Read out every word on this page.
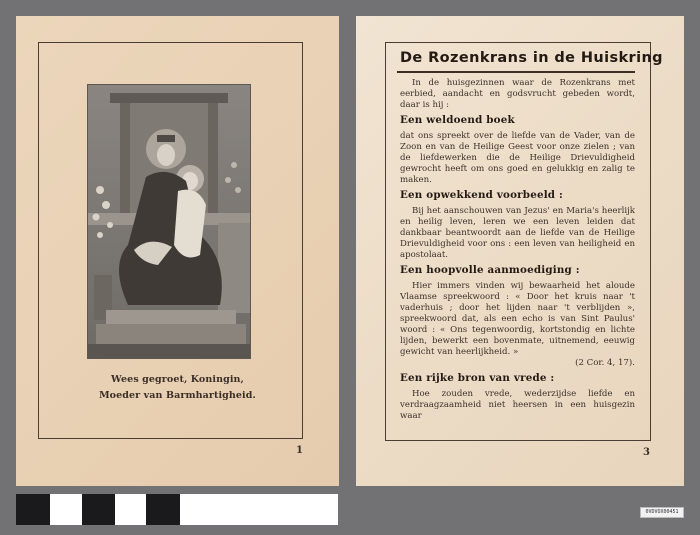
Wees gegroet, Koningin,
Moeder van Barmhartigheid.
1
De Rozenkrans in de Huiskring

In de huisgezinnen waar de Rozenkrans met eerbied, aandacht en godsvrucht gebeden wordt, daar is hij :

Een weldoend boek

dat ons spreekt over de liefde van de Vader, van de Zoon en van de Heilige Geest voor onze zielen ; van de liefdewerken die de Heilige Drievuldigheid gewrocht heeft om ons goed en gelukkig en zalig te maken.

Een opwekkend voorbeeld :

Bij het aanschouwen van Jezus' en Maria's heerlijk en heilig leven, leren we een leven leiden dat dankbaar beantwoordt aan de liefde van de Heilige Drievuldigheid voor ons : een leven van heiligheid en apostolaat.

Een hoopvolle aanmoediging :

Hier immers vinden wij bewaarheid het aloude Vlaamse spreekwoord : « Door het kruis naar 't vaderhuis ; door het lijden naar 't verblijden », spreekwoord dat, als een echo is van Sint Paulus' woord : « Ons tegenwoordig, kortstondig en lichte lijden, bewerkt een bovenmate, uitnemend, eeuwig gewicht van heerlijkheid. »

(2 Cor. 4, 17).
Een rijke bron van vrede :

Hoe zouden vrede, wederzijdse liefde en verdraagzaamheid niet heersen in een huisgezin waar

3
0VDVOX00451
